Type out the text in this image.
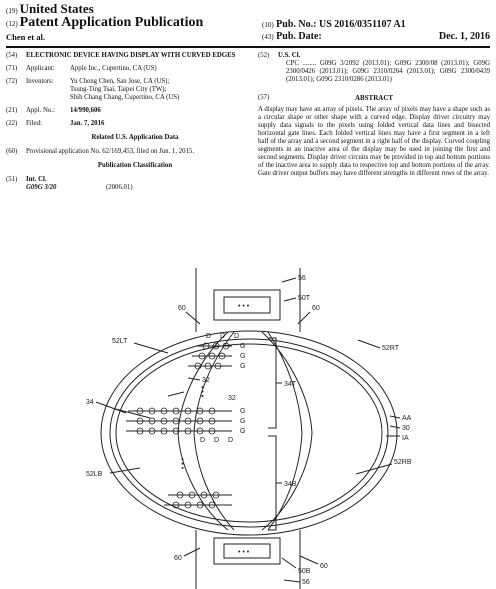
(19) United States
(12) Patent Application Publication
Chen et al.
(10) Pub. No.: US 2016/0351107 A1
(43) Pub. Date:	Dec. 1, 2016
(54) ELECTRONIC DEVICE HAVING DISPLAY WITH CURVED EDGES
(71) Applicant: Apple Inc., Cupertino, CA (US)
(72) Inventors: Yu Cheng Chen, San Jose, CA (US);
Tsung-Ting Tsai, Taipei City (TW);
Shih Chang Chang, Cupertino, CA (US)
(21) Appl. No.: 14/990,606
(22) Filed:	Jan. 7, 2016
Related U.S. Application Data
(60) Provisional application No. 62/169,453, filed on Jun. 1, 2015.
Publication Classification
(51) Int. Cl.
G09G 3/20	(2006.01)
(52) U.S. Cl.
CPC ........ G09G 3/2092 (2013.01); G09G 2300/08 (2013.01); G09G 2300/0426 (2013.01); G09G 2310/0264 (2013.01); G09G 2300/0439 (2013.01); G09G 2310/0286 (2013.01)
(57)	ABSTRACT
A display may have an array of pixels. The array of pixels may have a shape such as a circular shape or other shape with a curved edge. Display driver circuitry may supply data signals to the pixels using folded vertical data lines and bisected horizontal gate lines. Each folded vertical lines may have a first segment in a left half of the array and a second segment in a right half of the display. Curved coupling segments in an inactive area of the display may be used in joining the first and second segments. Display driver circuits may be provided in top and bottom portions of the inactive area to supply data to respective top and bottom portions of the array. Gate driver output buffers may have different strengths in different rows of the array.
56
50T
60	60
52LT
52RT
34
34T
34B
32
32
AA
30
IA
52LB
52RB
60
60
50B
56
D D D
G
G
G
G
G
G
D D D
• • •
• • •
• • •
• • •
